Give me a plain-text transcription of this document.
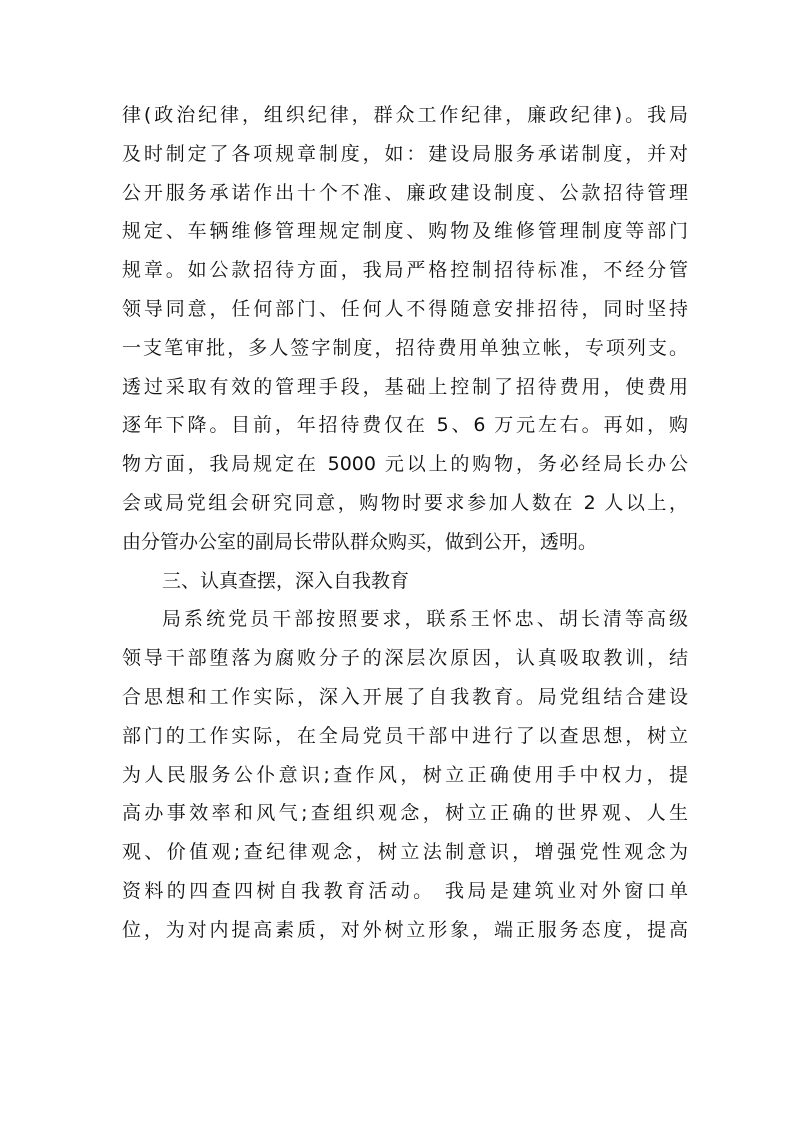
律(政治纪律，组织纪律，群众工作纪律，廉政纪律)。我局
及时制定了各项规章制度，如：建设局服务承诺制度，并对
公开服务承诺作出十个不准、廉政建设制度、公款招待管理
规定、车辆维修管理规定制度、购物及维修管理制度等部门
规章。如公款招待方面，我局严格控制招待标准，不经分管
领导同意，任何部门、任何人不得随意安排招待，同时坚持
一支笔审批，多人签字制度，招待费用单独立帐，专项列支。
透过采取有效的管理手段，基础上控制了招待费用，使费用
逐年下降。目前，年招待费仅在 5、6 万元左右。再如，购
物方面，我局规定在 5000 元以上的购物，务必经局长办公
会或局党组会研究同意，购物时要求参加人数在 2 人以上，
由分管办公室的副局长带队群众购买，做到公开，透明。
三、认真查摆，深入自我教育
局系统党员干部按照要求，联系王怀忠、胡长清等高级
领导干部堕落为腐败分子的深层次原因，认真吸取教训，结
合思想和工作实际，深入开展了自我教育。局党组结合建设
部门的工作实际，在全局党员干部中进行了以查思想，树立
为人民服务公仆意识;查作风，树立正确使用手中权力，提
高办事效率和风气;查组织观念，树立正确的世界观、人生
观、价值观;查纪律观念，树立法制意识，增强党性观念为
资料的四查四树自我教育活动。 我局是建筑业对外窗口单
位，为对内提高素质，对外树立形象，端正服务态度，提高
